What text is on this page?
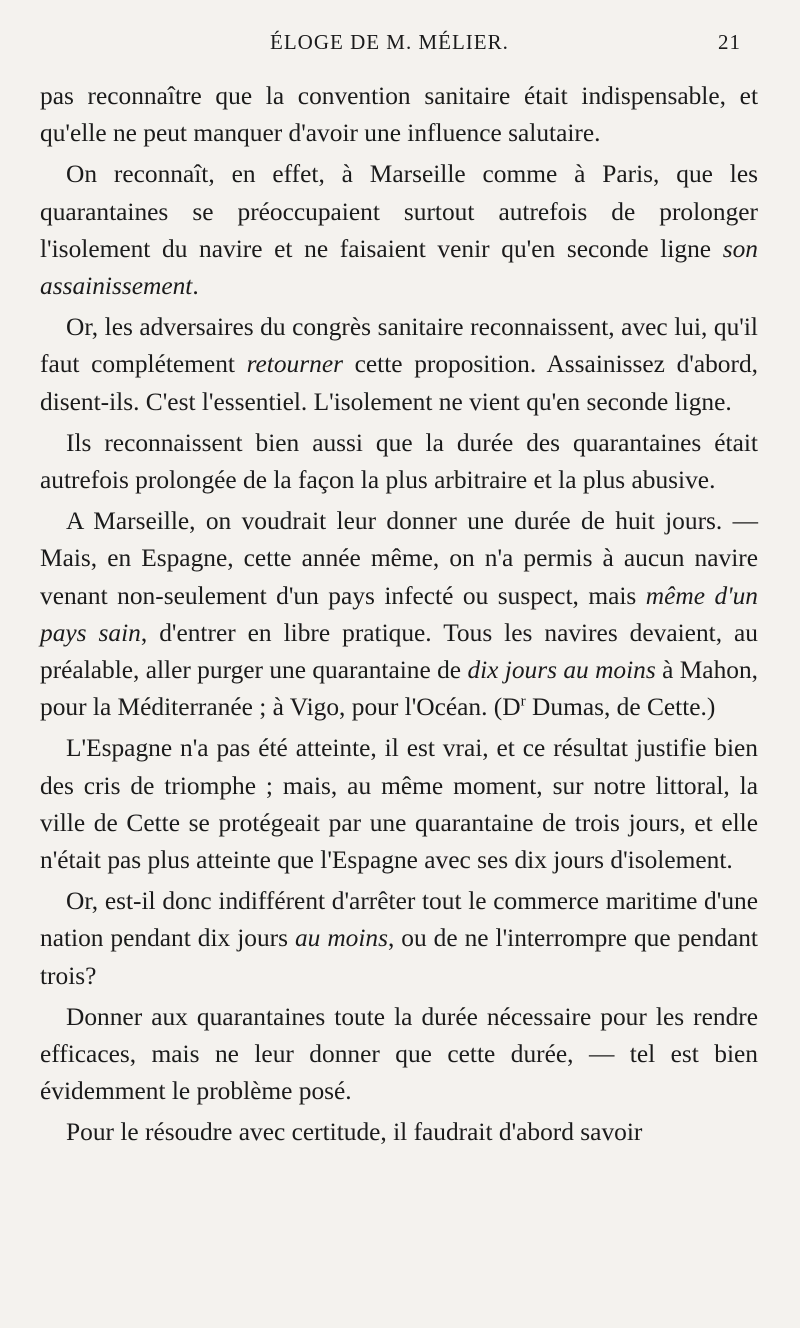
ÉLOGE DE M. MÉLIER.	21

pas reconnaître que la convention sanitaire était indispensable, et qu'elle ne peut manquer d'avoir une influence salutaire.

On reconnaît, en effet, à Marseille comme à Paris, que les quarantaines se préoccupaient surtout autrefois de prolonger l'isolement du navire et ne faisaient venir qu'en seconde ligne son assainissement.

Or, les adversaires du congrès sanitaire reconnaissent, avec lui, qu'il faut complétement retourner cette proposition. Assainissez d'abord, disent-ils. C'est l'essentiel. L'isolement ne vient qu'en seconde ligne.

Ils reconnaissent bien aussi que la durée des quarantaines était autrefois prolongée de la façon la plus arbitraire et la plus abusive.

A Marseille, on voudrait leur donner une durée de huit jours. — Mais, en Espagne, cette année même, on n'a permis à aucun navire venant non-seulement d'un pays infecté ou suspect, mais même d'un pays sain, d'entrer en libre pratique. Tous les navires devaient, au préalable, aller purger une quarantaine de dix jours au moins à Mahon, pour la Méditerranée ; à Vigo, pour l'Océan. ($D^r$ Dumas, de Cette.)

L'Espagne n'a pas été atteinte, il est vrai, et ce résultat justifie bien des cris de triomphe ; mais, au même moment, sur notre littoral, la ville de Cette se protégeait par une quarantaine de trois jours, et elle n'était pas plus atteinte que l'Espagne avec ses dix jours d'isolement.

Or, est-il donc indifférent d'arrêter tout le commerce maritime d'une nation pendant dix jours au moins, ou de ne l'interrompre que pendant trois?

Donner aux quarantaines toute la durée nécessaire pour les rendre efficaces, mais ne leur donner que cette durée, — tel est bien évidemment le problème posé.

Pour le résoudre avec certitude, il faudrait d'abord savoir
